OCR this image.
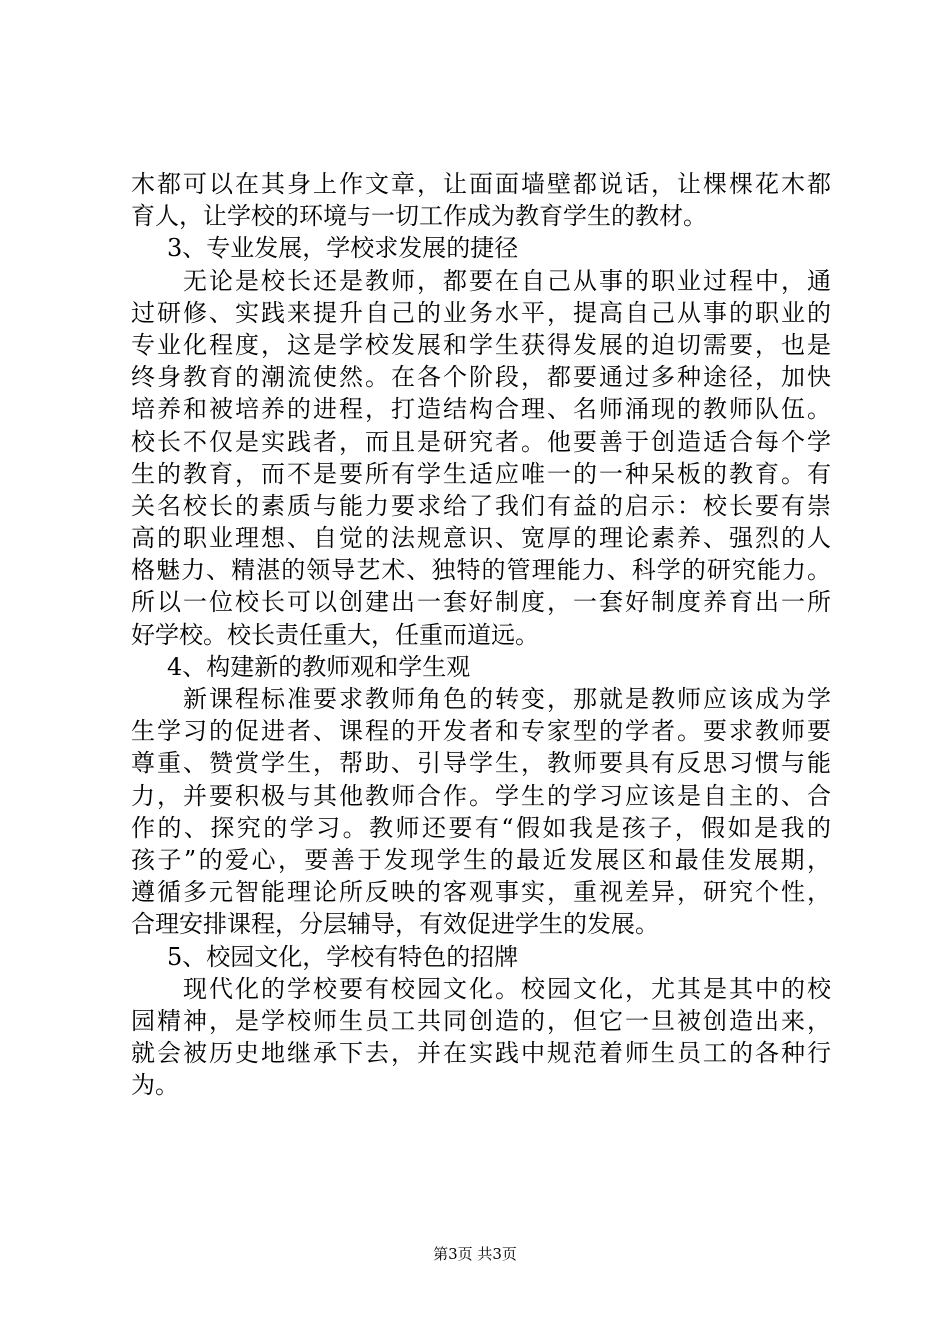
木都可以在其身上作文章，让面面墙壁都说话，让棵棵花木都
育人，让学校的环境与一切工作成为教育学生的教材。
3、专业发展，学校求发展的捷径
无论是校长还是教师，都要在自己从事的职业过程中，通
过研修、实践来提升自己的业务水平，提高自己从事的职业的
专业化程度，这是学校发展和学生获得发展的迫切需要，也是
终身教育的潮流使然。在各个阶段，都要通过多种途径，加快
培养和被培养的进程，打造结构合理、名师涌现的教师队伍。
校长不仅是实践者，而且是研究者。他要善于创造适合每个学
生的教育，而不是要所有学生适应唯一的一种呆板的教育。有
关名校长的素质与能力要求给了我们有益的启示：校长要有崇
高的职业理想、自觉的法规意识、宽厚的理论素养、强烈的人
格魅力、精湛的领导艺术、独特的管理能力、科学的研究能力。
所以一位校长可以创建出一套好制度，一套好制度养育出一所
好学校。校长责任重大，任重而道远。
4、构建新的教师观和学生观
新课程标准要求教师角色的转变，那就是教师应该成为学
生学习的促进者、课程的开发者和专家型的学者。要求教师要
尊重、赞赏学生，帮助、引导学生，教师要具有反思习惯与能
力，并要积极与其他教师合作。学生的学习应该是自主的、合
作的、探究的学习。教师还要有“假如我是孩子，假如是我的
孩子”的爱心，要善于发现学生的最近发展区和最佳发展期，
遵循多元智能理论所反映的客观事实，重视差异，研究个性，
合理安排课程，分层辅导，有效促进学生的发展。
5、校园文化，学校有特色的招牌
现代化的学校要有校园文化。校园文化，尤其是其中的校
园精神，是学校师生员工共同创造的，但它一旦被创造出来，
就会被历史地继承下去，并在实践中规范着师生员工的各种行
为。
第3页 共3页
